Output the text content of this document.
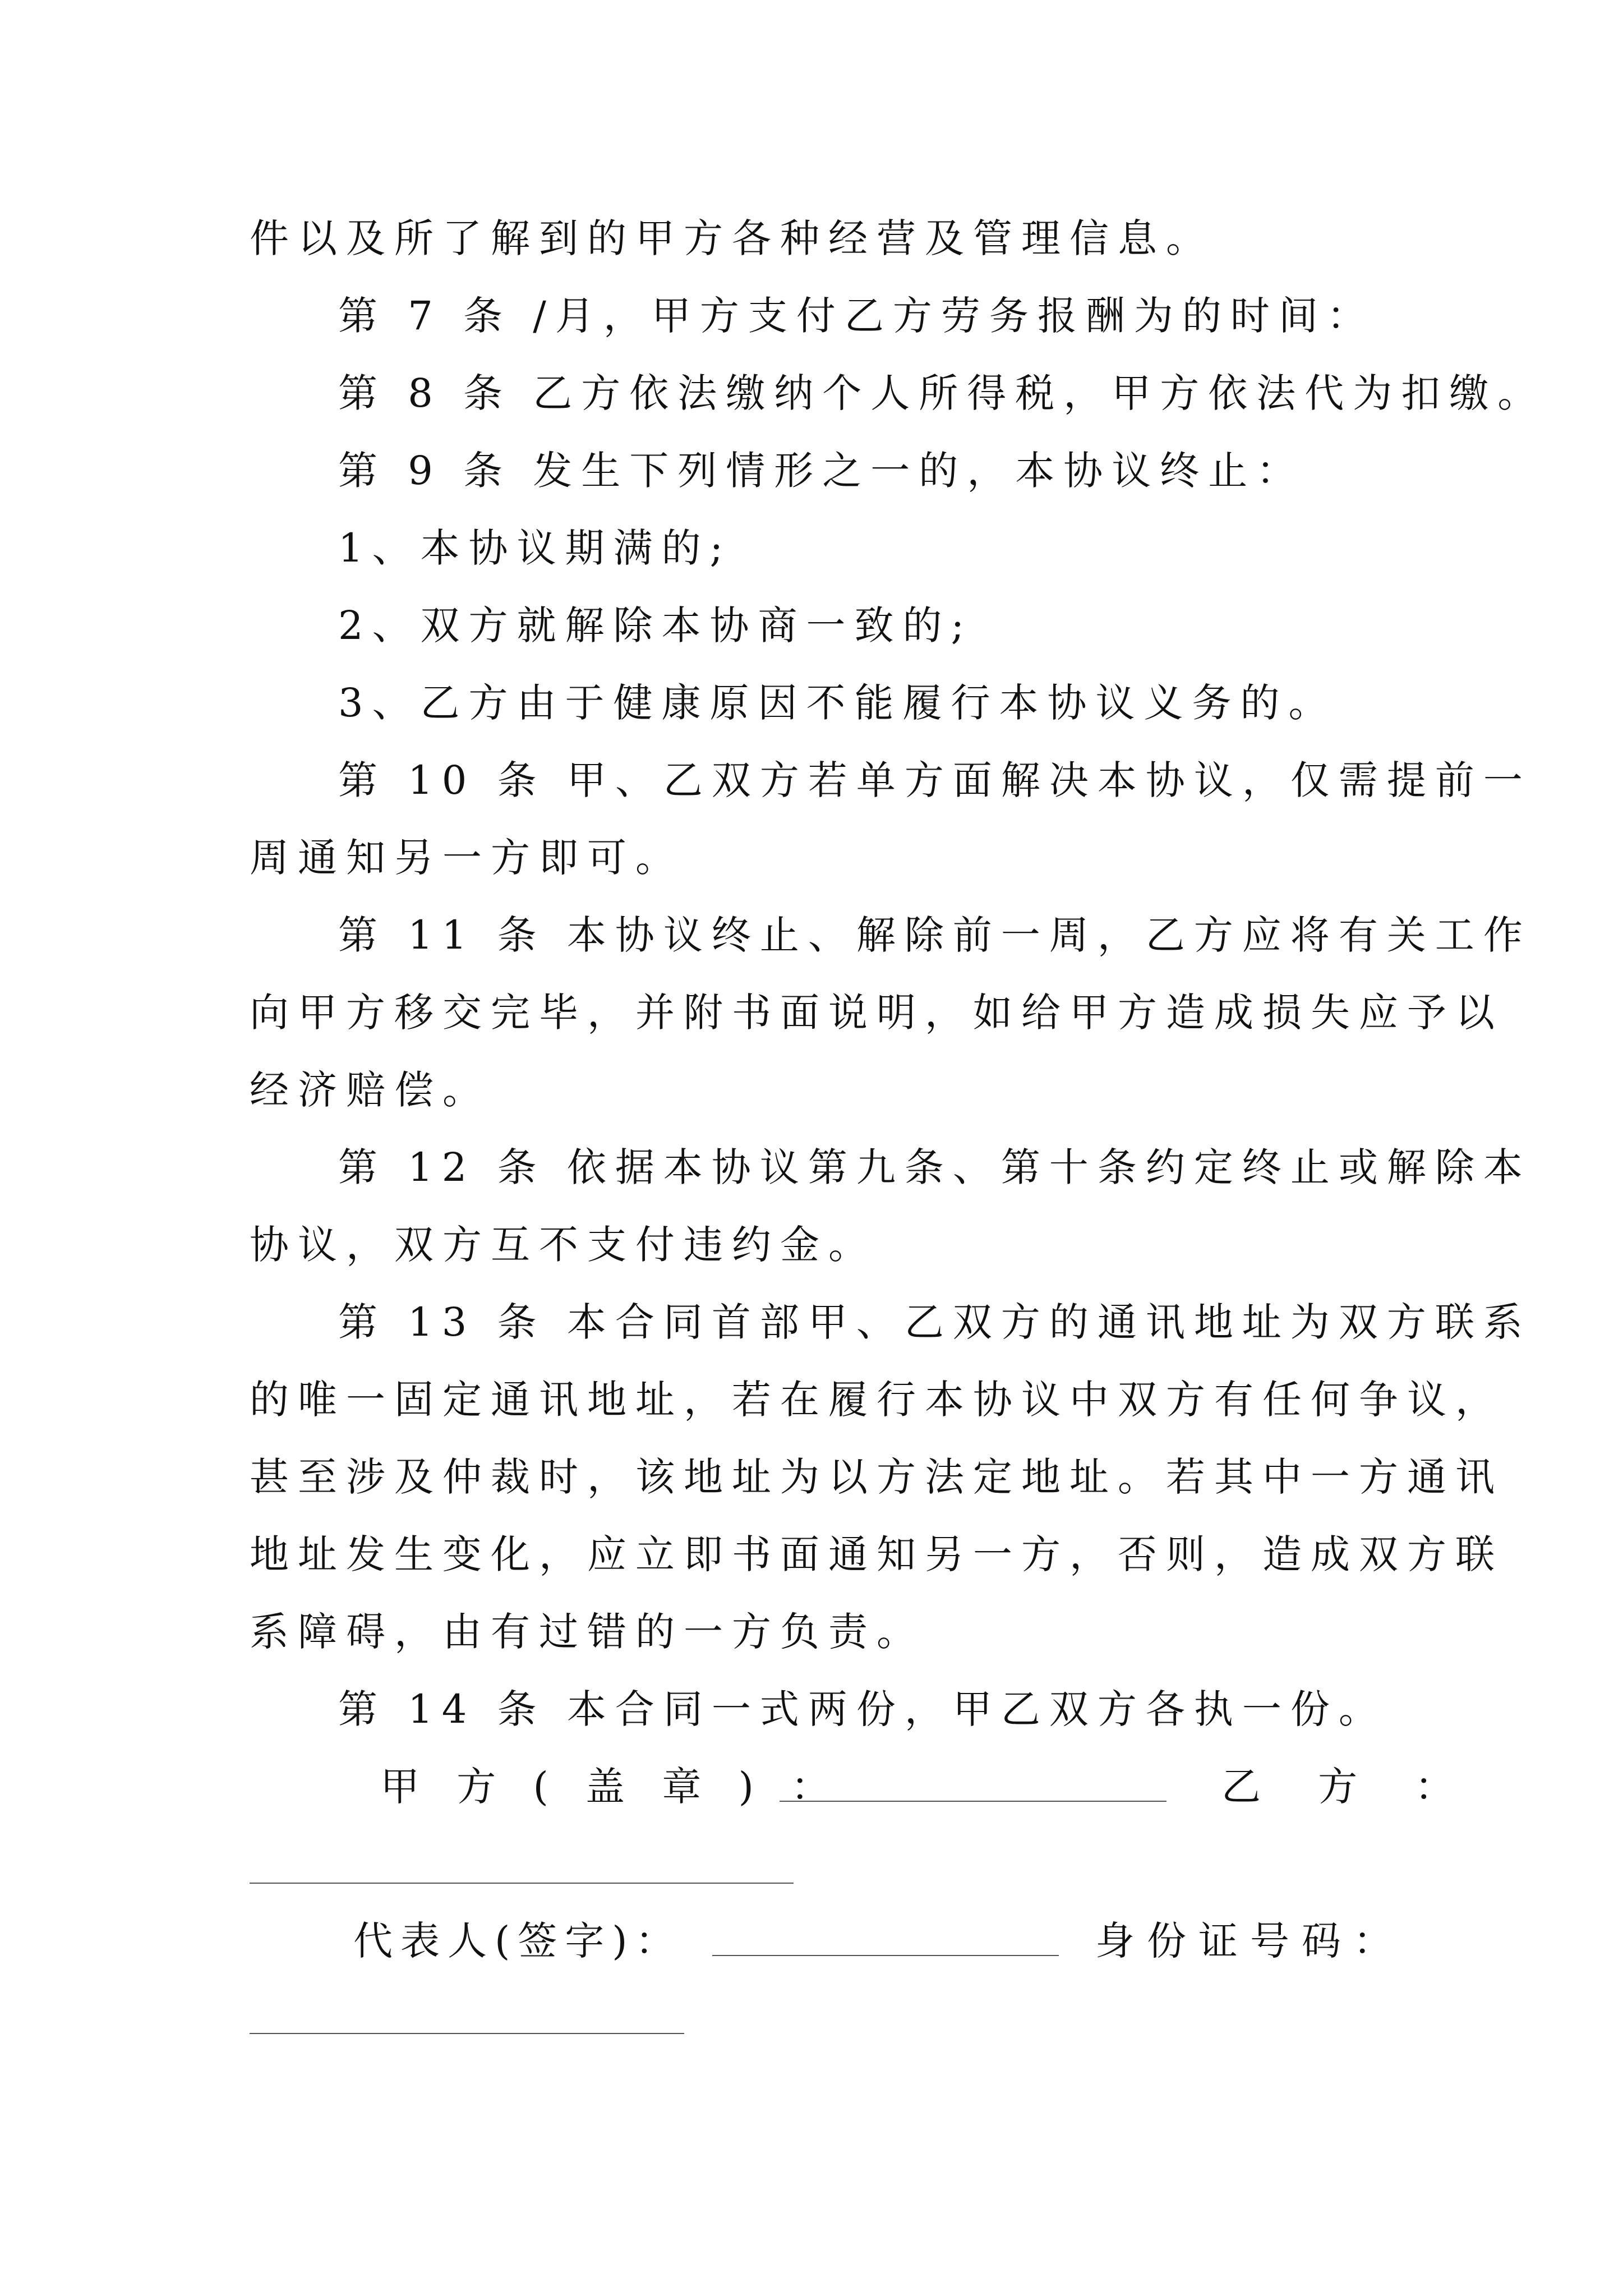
件以及所了解到的甲方各种经营及管理信息。
第 7 条 /月，甲方支付乙方劳务报酬为的时间：
第 8 条 乙方依法缴纳个人所得税，甲方依法代为扣缴。
第 9 条 发生下列情形之一的，本协议终止：
1、本协议期满的;
2、双方就解除本协商一致的;
3、乙方由于健康原因不能履行本协议义务的。
第 10 条 甲、乙双方若单方面解决本协议，仅需提前一
周通知另一方即可。
第 11 条 本协议终止、解除前一周，乙方应将有关工作
向甲方移交完毕，并附书面说明，如给甲方造成损失应予以
经济赔偿。
第 12 条 依据本协议第九条、第十条约定终止或解除本
协议，双方互不支付违约金。
第 13 条 本合同首部甲、乙双方的通讯地址为双方联系
的唯一固定通讯地址，若在履行本协议中双方有任何争议，
甚至涉及仲裁时，该地址为以方法定地址。若其中一方通讯
地址发生变化，应立即书面通知另一方，否则，造成双方联
系障碍，由有过错的一方负责。
第 14 条 本合同一式两份，甲乙双方各执一份。
甲 方 ( 盖 章 ) ：	乙 方 ：
代表人(签字)：	身份证号码：
